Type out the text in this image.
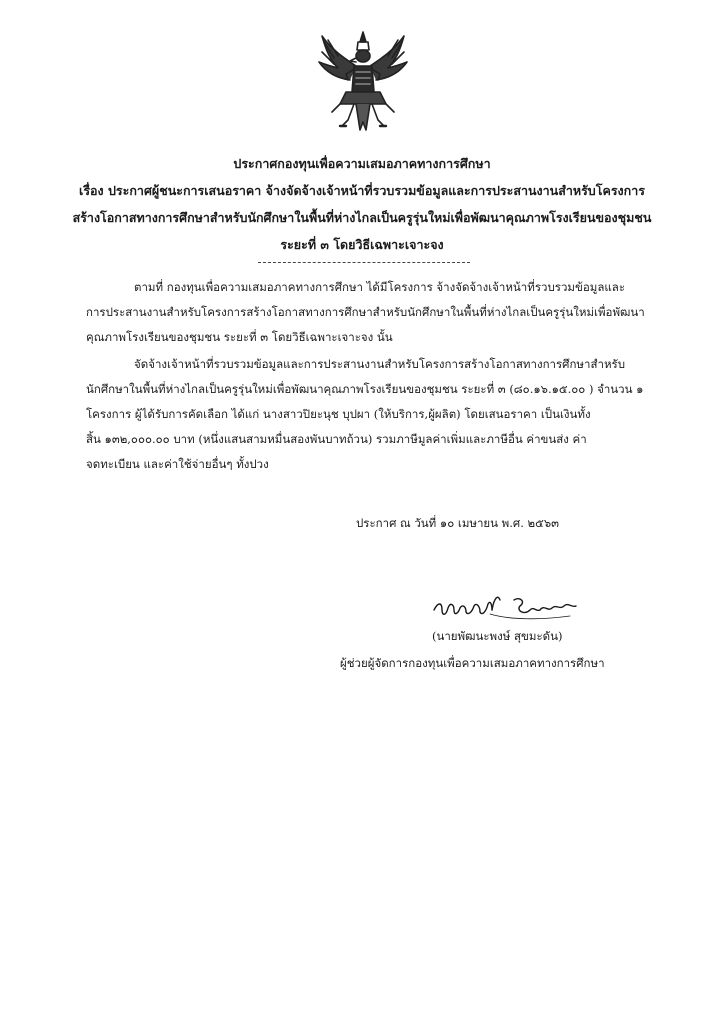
ประกาศกองทุนเพื่อความเสมอภาคทางการศึกษา
เรื่อง ประกาศผู้ชนะการเสนอราคา จ้างจัดจ้างเจ้าหน้าที่รวบรวมข้อมูลและการประสานงานสำหรับโครงการ
สร้างโอกาสทางการศึกษาสำหรับนักศึกษาในพื้นที่ห่างไกลเป็นครูรุ่นใหม่เพื่อพัฒนาคุณภาพโรงเรียนของชุมชน
ระยะที่ ๓ โดยวิธีเฉพาะเจาะจง
ตามที่ กองทุนเพื่อความเสมอภาคทางการศึกษา ได้มีโครงการ จ้างจัดจ้างเจ้าหน้าที่รวบรวมข้อมูลและ
การประสานงานสำหรับโครงการสร้างโอกาสทางการศึกษาสำหรับนักศึกษาในพื้นที่ห่างไกลเป็นครูรุ่นใหม่เพื่อพัฒนา
คุณภาพโรงเรียนของชุมชน ระยะที่ ๓ โดยวิธีเฉพาะเจาะจง นั้น
จัดจ้างเจ้าหน้าที่รวบรวมข้อมูลและการประสานงานสำหรับโครงการสร้างโอกาสทางการศึกษาสำหรับ
นักศึกษาในพื้นที่ห่างไกลเป็นครูรุ่นใหม่เพื่อพัฒนาคุณภาพโรงเรียนของชุมชน ระยะที่ ๓ (๘๐.๑๖.๑๕.๐๐ ) จำนวน ๑
โครงการ ผู้ได้รับการคัดเลือก ได้แก่ นางสาวปิยะนุช บุปผา (ให้บริการ,ผู้ผลิต) โดยเสนอราคา เป็นเงินทั้ง
สิ้น ๑๓๒,๐๐๐.๐๐ บาท (หนึ่งแสนสามหมื่นสองพันบาทถ้วน) รวมภาษีมูลค่าเพิ่มและภาษีอื่น ค่าขนส่ง ค่า
จดทะเบียน และค่าใช้จ่ายอื่นๆ ทั้งปวง
ประกาศ ณ วันที่ ๑๐ เมษายน พ.ศ. ๒๕๖๓
(นายพัฒนะพงษ์ สุขมะดัน)
ผู้ช่วยผู้จัดการกองทุนเพื่อความเสมอภาคทางการศึกษา
